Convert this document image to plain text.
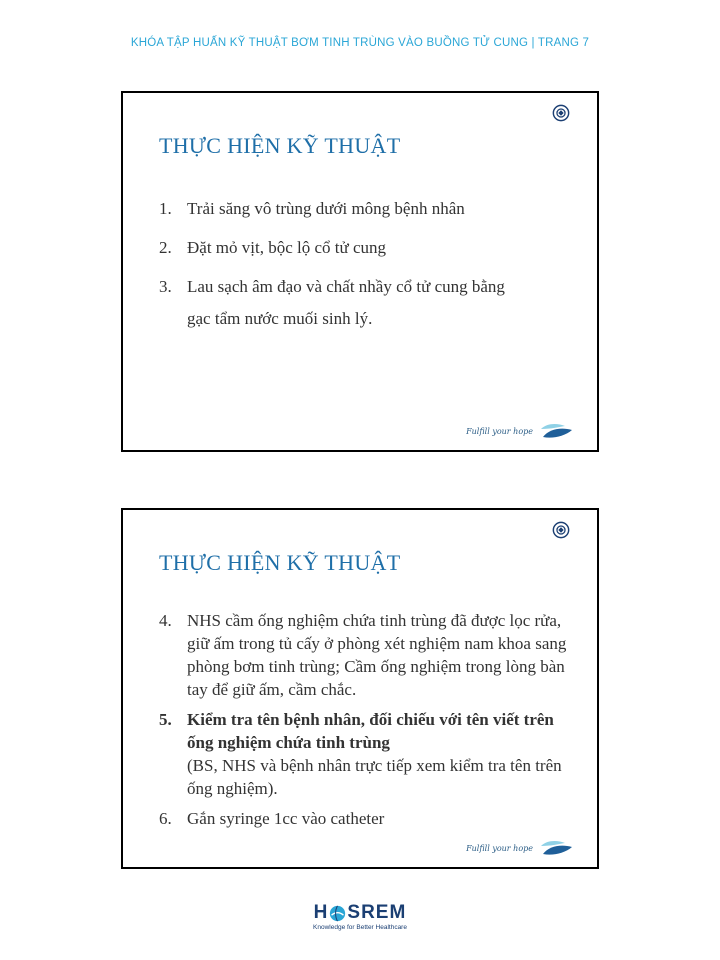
KHÓA TẬP HUẤN KỸ THUẬT BƠM TINH TRÙNG VÀO BUỒNG TỬ CUNG | TRANG 7
THỰC HIỆN KỸ THUẬT
1. Trải săng vô trùng dưới mông bệnh nhân
2. Đặt mỏ vịt, bộc lộ cổ tử cung
3. Lau sạch âm đạo và chất nhầy cổ tử cung bằng
gạc tẩm nước muối sinh lý.
Fulfill your hope
THỰC HIỆN KỸ THUẬT
4. NHS cầm ống nghiệm chứa tinh trùng đã được lọc rửa, giữ ấm trong tủ cấy ở phòng xét nghiệm nam khoa sang phòng bơm tinh trùng; Cầm ống nghiệm trong lòng bàn tay để giữ ấm, cầm chắc.
5. Kiểm tra tên bệnh nhân, đối chiếu với tên viết trên ống nghiệm chứa tinh trùng
(BS, NHS và bệnh nhân trực tiếp xem kiểm tra tên trên ống nghiệm).
6. Gắn syringe 1cc vào catheter
Fulfill your hope
H SREM
Knowledge for Better Healthcare
